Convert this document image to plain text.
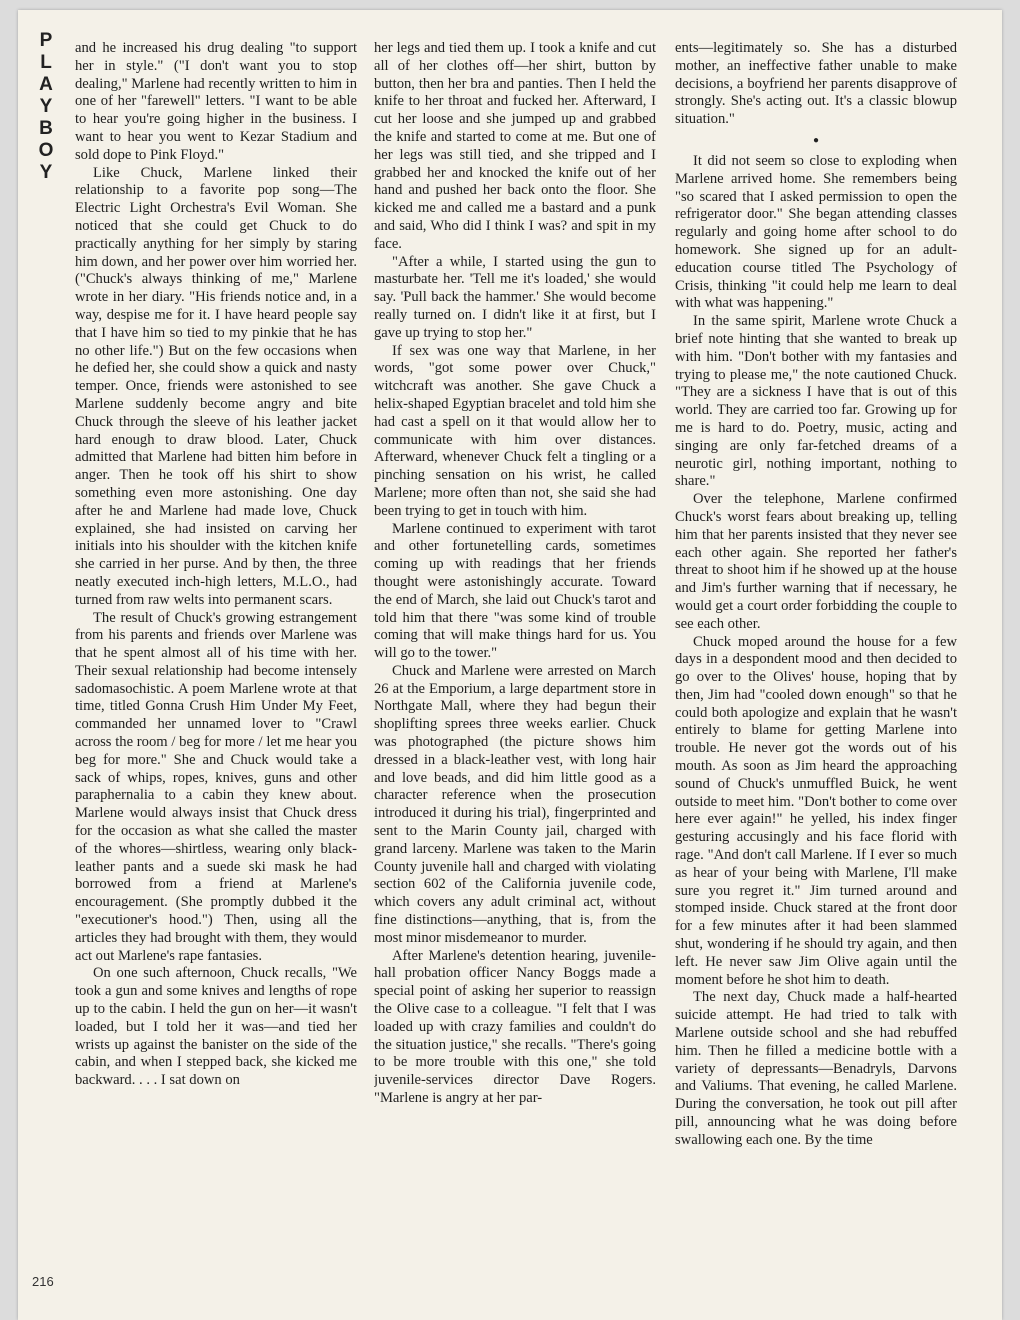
P
L
A
Y
B
O
Y
216

and he increased his drug dealing "to support her in style." ("I don't want you to stop dealing," Marlene had recently written to him in one of her "farewell" letters. "I want to be able to hear you're going higher in the business. I want to hear you went to Kezar Stadium and sold dope to Pink Floyd."

Like Chuck, Marlene linked their relationship to a favorite pop song—The Electric Light Orchestra's Evil Woman. She noticed that she could get Chuck to do practically anything for her simply by staring him down, and her power over him worried her. ("Chuck's always thinking of me," Marlene wrote in her diary. "His friends notice and, in a way, despise me for it. I have heard people say that I have him so tied to my pinkie that he has no other life.") But on the few occasions when he defied her, she could show a quick and nasty temper. Once, friends were astonished to see Marlene suddenly become angry and bite Chuck through the sleeve of his leather jacket hard enough to draw blood. Later, Chuck admitted that Marlene had bitten him before in anger. Then he took off his shirt to show something even more astonishing. One day after he and Marlene had made love, Chuck explained, she had insisted on carving her initials into his shoulder with the kitchen knife she carried in her purse. And by then, the three neatly executed inch-high letters, M.L.O., had turned from raw welts into permanent scars.

The result of Chuck's growing estrangement from his parents and friends over Marlene was that he spent almost all of his time with her. Their sexual relationship had become intensely sadomasochistic. A poem Marlene wrote at that time, titled Gonna Crush Him Under My Feet, commanded her unnamed lover to "Crawl across the room / beg for more / let me hear you beg for more." She and Chuck would take a sack of whips, ropes, knives, guns and other paraphernalia to a cabin they knew about. Marlene would always insist that Chuck dress for the occasion as what she called the master of the whores—shirtless, wearing only black-leather pants and a suede ski mask he had borrowed from a friend at Marlene's encouragement. (She promptly dubbed it the "executioner's hood.") Then, using all the articles they had brought with them, they would act out Marlene's rape fantasies.

On one such afternoon, Chuck recalls, "We took a gun and some knives and lengths of rope up to the cabin. I held the gun on her—it wasn't loaded, but I told her it was—and tied her wrists up against the banister on the side of the cabin, and when I stepped back, she kicked me backward. . . . I sat down on

her legs and tied them up. I took a knife and cut all of her clothes off—her shirt, button by button, then her bra and panties. Then I held the knife to her throat and fucked her. Afterward, I cut her loose and she jumped up and grabbed the knife and started to come at me. But one of her legs was still tied, and she tripped and I grabbed her and knocked the knife out of her hand and pushed her back onto the floor. She kicked me and called me a bastard and a punk and said, Who did I think I was? and spit in my face.

"After a while, I started using the gun to masturbate her. 'Tell me it's loaded,' she would say. 'Pull back the hammer.' She would become really turned on. I didn't like it at first, but I gave up trying to stop her."

If sex was one way that Marlene, in her words, "got some power over Chuck," witchcraft was another. She gave Chuck a helix-shaped Egyptian bracelet and told him she had cast a spell on it that would allow her to communicate with him over distances. Afterward, whenever Chuck felt a tingling or a pinching sensation on his wrist, he called Marlene; more often than not, she said she had been trying to get in touch with him.

Marlene continued to experiment with tarot and other fortunetelling cards, sometimes coming up with readings that her friends thought were astonishingly accurate. Toward the end of March, she laid out Chuck's tarot and told him that there "was some kind of trouble coming that will make things hard for us. You will go to the tower."

Chuck and Marlene were arrested on March 26 at the Emporium, a large department store in Northgate Mall, where they had begun their shoplifting sprees three weeks earlier. Chuck was photographed (the picture shows him dressed in a black-leather vest, with long hair and love beads, and did him little good as a character reference when the prosecution introduced it during his trial), fingerprinted and sent to the Marin County jail, charged with grand larceny. Marlene was taken to the Marin County juvenile hall and charged with violating section 602 of the California juvenile code, which covers any adult criminal act, without fine distinctions—anything, that is, from the most minor misdemeanor to murder.

After Marlene's detention hearing, juvenile-hall probation officer Nancy Boggs made a special point of asking her superior to reassign the Olive case to a colleague. "I felt that I was loaded up with crazy families and couldn't do the situation justice," she recalls. "There's going to be more trouble with this one," she told juvenile-services director Dave Rogers. "Marlene is angry at her par-

ents—legitimately so. She has a disturbed mother, an ineffective father unable to make decisions, a boyfriend her parents disapprove of strongly. She's acting out. It's a classic blowup situation."

●

It did not seem so close to exploding when Marlene arrived home. She remembers being "so scared that I asked permission to open the refrigerator door." She began attending classes regularly and going home after school to do homework. She signed up for an adult-education course titled The Psychology of Crisis, thinking "it could help me learn to deal with what was happening."

In the same spirit, Marlene wrote Chuck a brief note hinting that she wanted to break up with him. "Don't bother with my fantasies and trying to please me," the note cautioned Chuck. "They are a sickness I have that is out of this world. They are carried too far. Growing up for me is hard to do. Poetry, music, acting and singing are only far-fetched dreams of a neurotic girl, nothing important, nothing to share."

Over the telephone, Marlene confirmed Chuck's worst fears about breaking up, telling him that her parents insisted that they never see each other again. She reported her father's threat to shoot him if he showed up at the house and Jim's further warning that if necessary, he would get a court order forbidding the couple to see each other.

Chuck moped around the house for a few days in a despondent mood and then decided to go over to the Olives' house, hoping that by then, Jim had "cooled down enough" so that he could both apologize and explain that he wasn't entirely to blame for getting Marlene into trouble. He never got the words out of his mouth. As soon as Jim heard the approaching sound of Chuck's unmuffled Buick, he went outside to meet him. "Don't bother to come over here ever again!" he yelled, his index finger gesturing accusingly and his face florid with rage. "And don't call Marlene. If I ever so much as hear of your being with Marlene, I'll make sure you regret it." Jim turned around and stomped inside. Chuck stared at the front door for a few minutes after it had been slammed shut, wondering if he should try again, and then left. He never saw Jim Olive again until the moment before he shot him to death.

The next day, Chuck made a half-hearted suicide attempt. He had tried to talk with Marlene outside school and she had rebuffed him. Then he filled a medicine bottle with a variety of depressants—Benadryls, Darvons and Valiums. That evening, he called Marlene. During the conversation, he took out pill after pill, announcing what he was doing before swallowing each one. By the time
